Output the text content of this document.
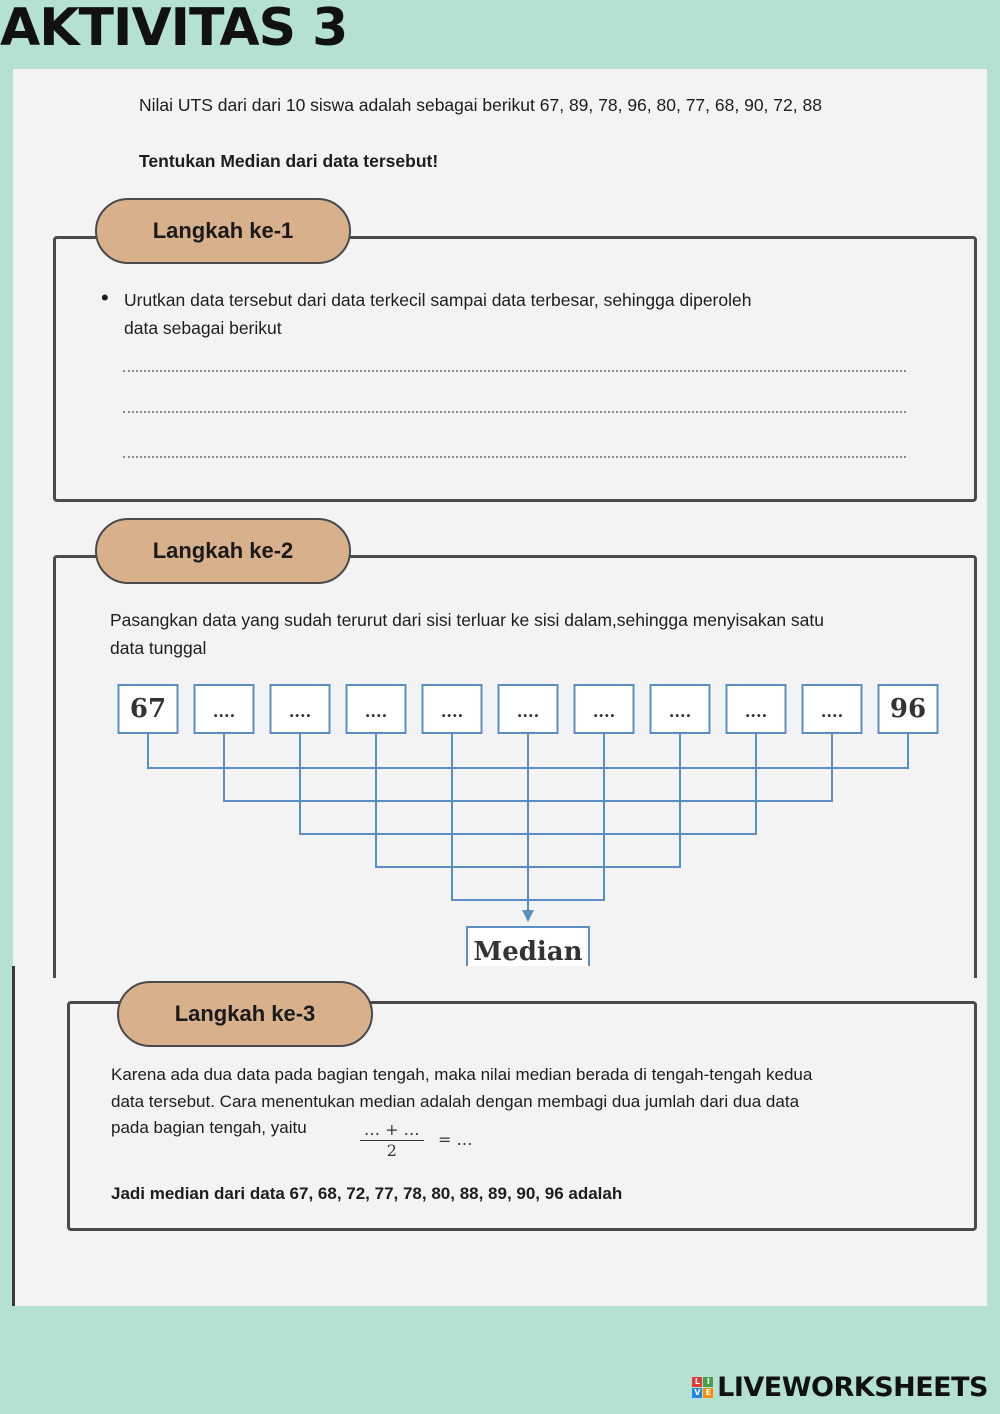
AKTIVITAS 3

Nilai UTS dari dari 10 siswa adalah sebagai berikut 67, 89, 78, 96, 80, 77, 68, 90, 72, 88

Tentukan Median dari data tersebut!

Langkah ke-1
• Urutkan data tersebut dari data terkecil sampai data terbesar, sehingga diperoleh

data sebagai berikut

Langkah ke-2

Pasangkan data yang sudah terurut dari sisi terluar ke sisi dalam,sehingga menyisakan satu

data tunggal

67	....	....	....	....	....	....	....	....	.... 96
Median
Langkah ke-3

Karena ada dua data pada bagian tengah, maka nilai median berada di tengah-tengah kedua

data tersebut. Cara menentukan median adalah dengan membagi dua jumlah dari dua data

pada bagian tengah, yaitu	… + …
2
= …

Jadi median dari data 67, 68, 72, 77, 78, 80, 88, 89, 90, 96 adalah

L I
V E LIVEWORKSHEETS
